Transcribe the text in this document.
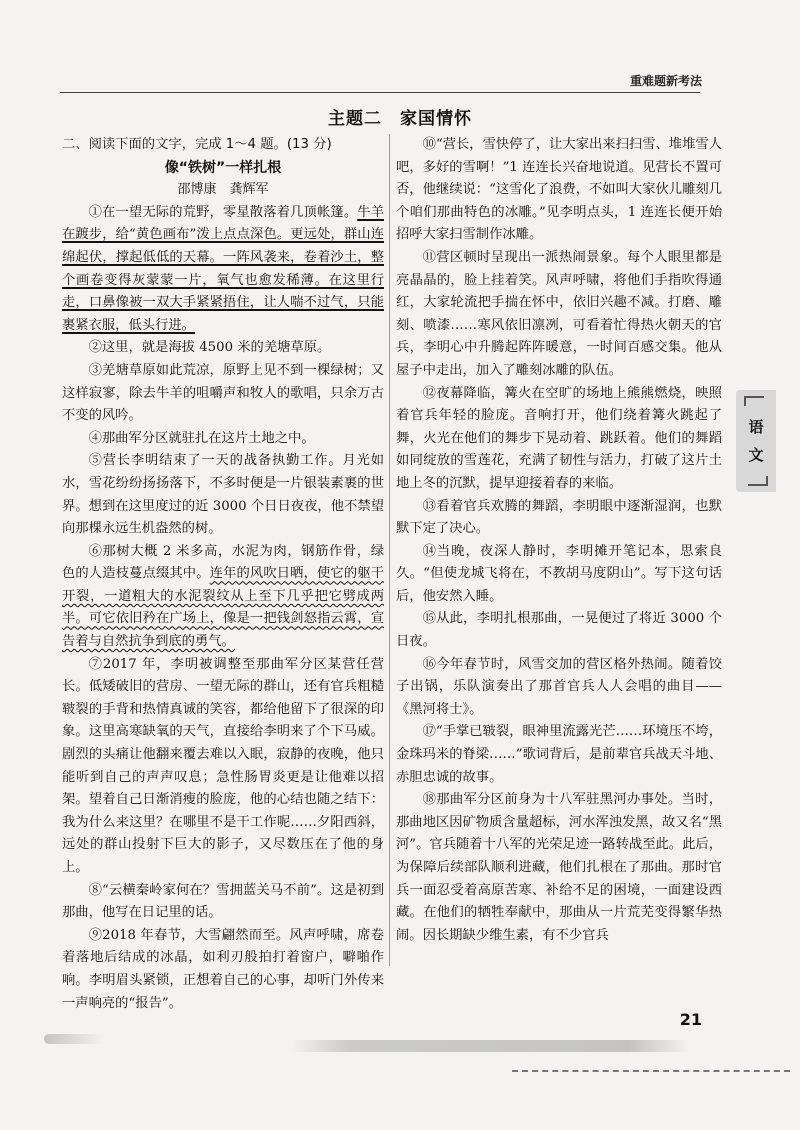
重难题新考法
主题二　家国情怀
二、阅读下面的文字，完成 1～4 题。(13 分)
像“铁树”一样扎根
邵博康　龚辉军

①在一望无际的荒野，零星散落着几顶帐篷。牛羊在踱步，给“黄色画布”泼上点点深色。更远处，群山连绵起伏，撑起低低的天幕。一阵风袭来，卷着沙土，整个画卷变得灰蒙蒙一片，氧气也愈发稀薄。在这里行走，口鼻像被一双大手紧紧捂住，让人喘不过气，只能裹紧衣服，低头行进。

②这里，就是海拔 4500 米的羌塘草原。

③羌塘草原如此荒凉，原野上见不到一棵绿树；又这样寂寥，除去牛羊的咀嚼声和牧人的歌唱，只余万古不变的风吟。

④那曲军分区就驻扎在这片土地之中。

⑤营长李明结束了一天的战备执勤工作。月光如水，雪花纷纷扬扬落下，不多时便是一片银装素裹的世界。想到在这里度过的近 3000 个日日夜夜，他不禁望向那棵永远生机盎然的树。

⑥那树大概 2 米多高，水泥为肉，钢筋作骨，绿色的人造枝蔓点缀其中。连年的风吹日晒，使它的躯干开裂，一道粗大的水泥裂纹从上至下几乎把它劈成两半。可它依旧矜在广场上，像是一把钱剑怒指云霄，宣告着与自然抗争到底的勇气。

⑦2017 年，李明被调整至那曲军分区某营任营长。低矮破旧的营房、一望无际的群山，还有官兵粗糙皲裂的手背和热情真诚的笑容，都给他留下了很深的印象。这里高寒缺氧的天气，直接给李明来了个下马威。剧烈的头痛让他翻来覆去难以入眠，寂静的夜晚，他只能听到自己的声声叹息；急性肠胃炎更是让他难以招架。望着自己日渐消瘦的脸庞，他的心结也随之结下：我为什么来这里？在哪里不是干工作呢……夕阳西斜，远处的群山投射下巨大的影子，又尽数压在了他的身上。

⑧“云横秦岭家何在？雪拥蓝关马不前”。这是初到那曲，他写在日记里的话。

⑨2018 年春节，大雪翩然而至。风声呼啸，席卷着落地后结成的冰晶，如利刃般拍打着窗户，噼啪作响。李明眉头紧锁，正想着自己的心事，却听门外传来一声响亮的“报告”。

⑩“营长，雪快停了，让大家出来扫扫雪、堆堆雪人吧，多好的雪啊！”1 连连长兴奋地说道。见营长不置可否，他继续说：“这雪化了浪费，不如叫大家伙儿雕刻几个咱们那曲特色的冰雕。”见李明点头，1 连连长便开始招呼大家扫雪制作冰雕。

⑪营区顿时呈现出一派热闹景象。每个人眼里都是亮晶晶的，脸上挂着笑。风声呼啸，将他们手指吹得通红，大家轮流把手揣在怀中，依旧兴趣不减。打磨、雕刻、喷漆……寒风依旧凛冽，可看着忙得热火朝天的官兵，李明心中升腾起阵阵暖意，一时间百感交集。他从屋子中走出，加入了雕刻冰雕的队伍。

⑫夜幕降临，篝火在空旷的场地上熊熊燃烧，映照着官兵年轻的脸庞。音响打开，他们绕着篝火跳起了舞，火光在他们的舞步下晃动着、跳跃着。他们的舞蹈如同绽放的雪莲花，充满了韧性与活力，打破了这片土地上冬的沉默，提早迎接着春的来临。

⑬看着官兵欢腾的舞蹈，李明眼中逐渐湿润，也默默下定了决心。

⑭当晚，夜深人静时，李明摊开笔记本，思索良久。“但使龙城飞将在，不教胡马度阴山”。写下这句话后，他安然入睡。

⑮从此，李明扎根那曲，一晃便过了将近 3000 个日夜。

⑯今年春节时，风雪交加的营区格外热闹。随着饺子出锅，乐队演奏出了那首官兵人人会唱的曲目——《黑河将士》。

⑰“手掌已皲裂，眼神里流露光芒……环境压不垮，金珠玛米的脊梁……”歌词背后，是前辈官兵战天斗地、赤胆忠诚的故事。

⑱那曲军分区前身为十八军驻黑河办事处。当时，那曲地区因矿物质含量超标，河水浑浊发黑，故又名“黑河”。官兵随着十八军的光荣足迹一路转战至此。此后，为保障后续部队顺利进藏，他们扎根在了那曲。那时官兵一面忍受着高原苦寒、补给不足的困境，一面建设西藏。在他们的牺牲奉献中，那曲从一片荒芜变得繁华热闹。因长期缺少维生素，有不少官兵

语
文
21
